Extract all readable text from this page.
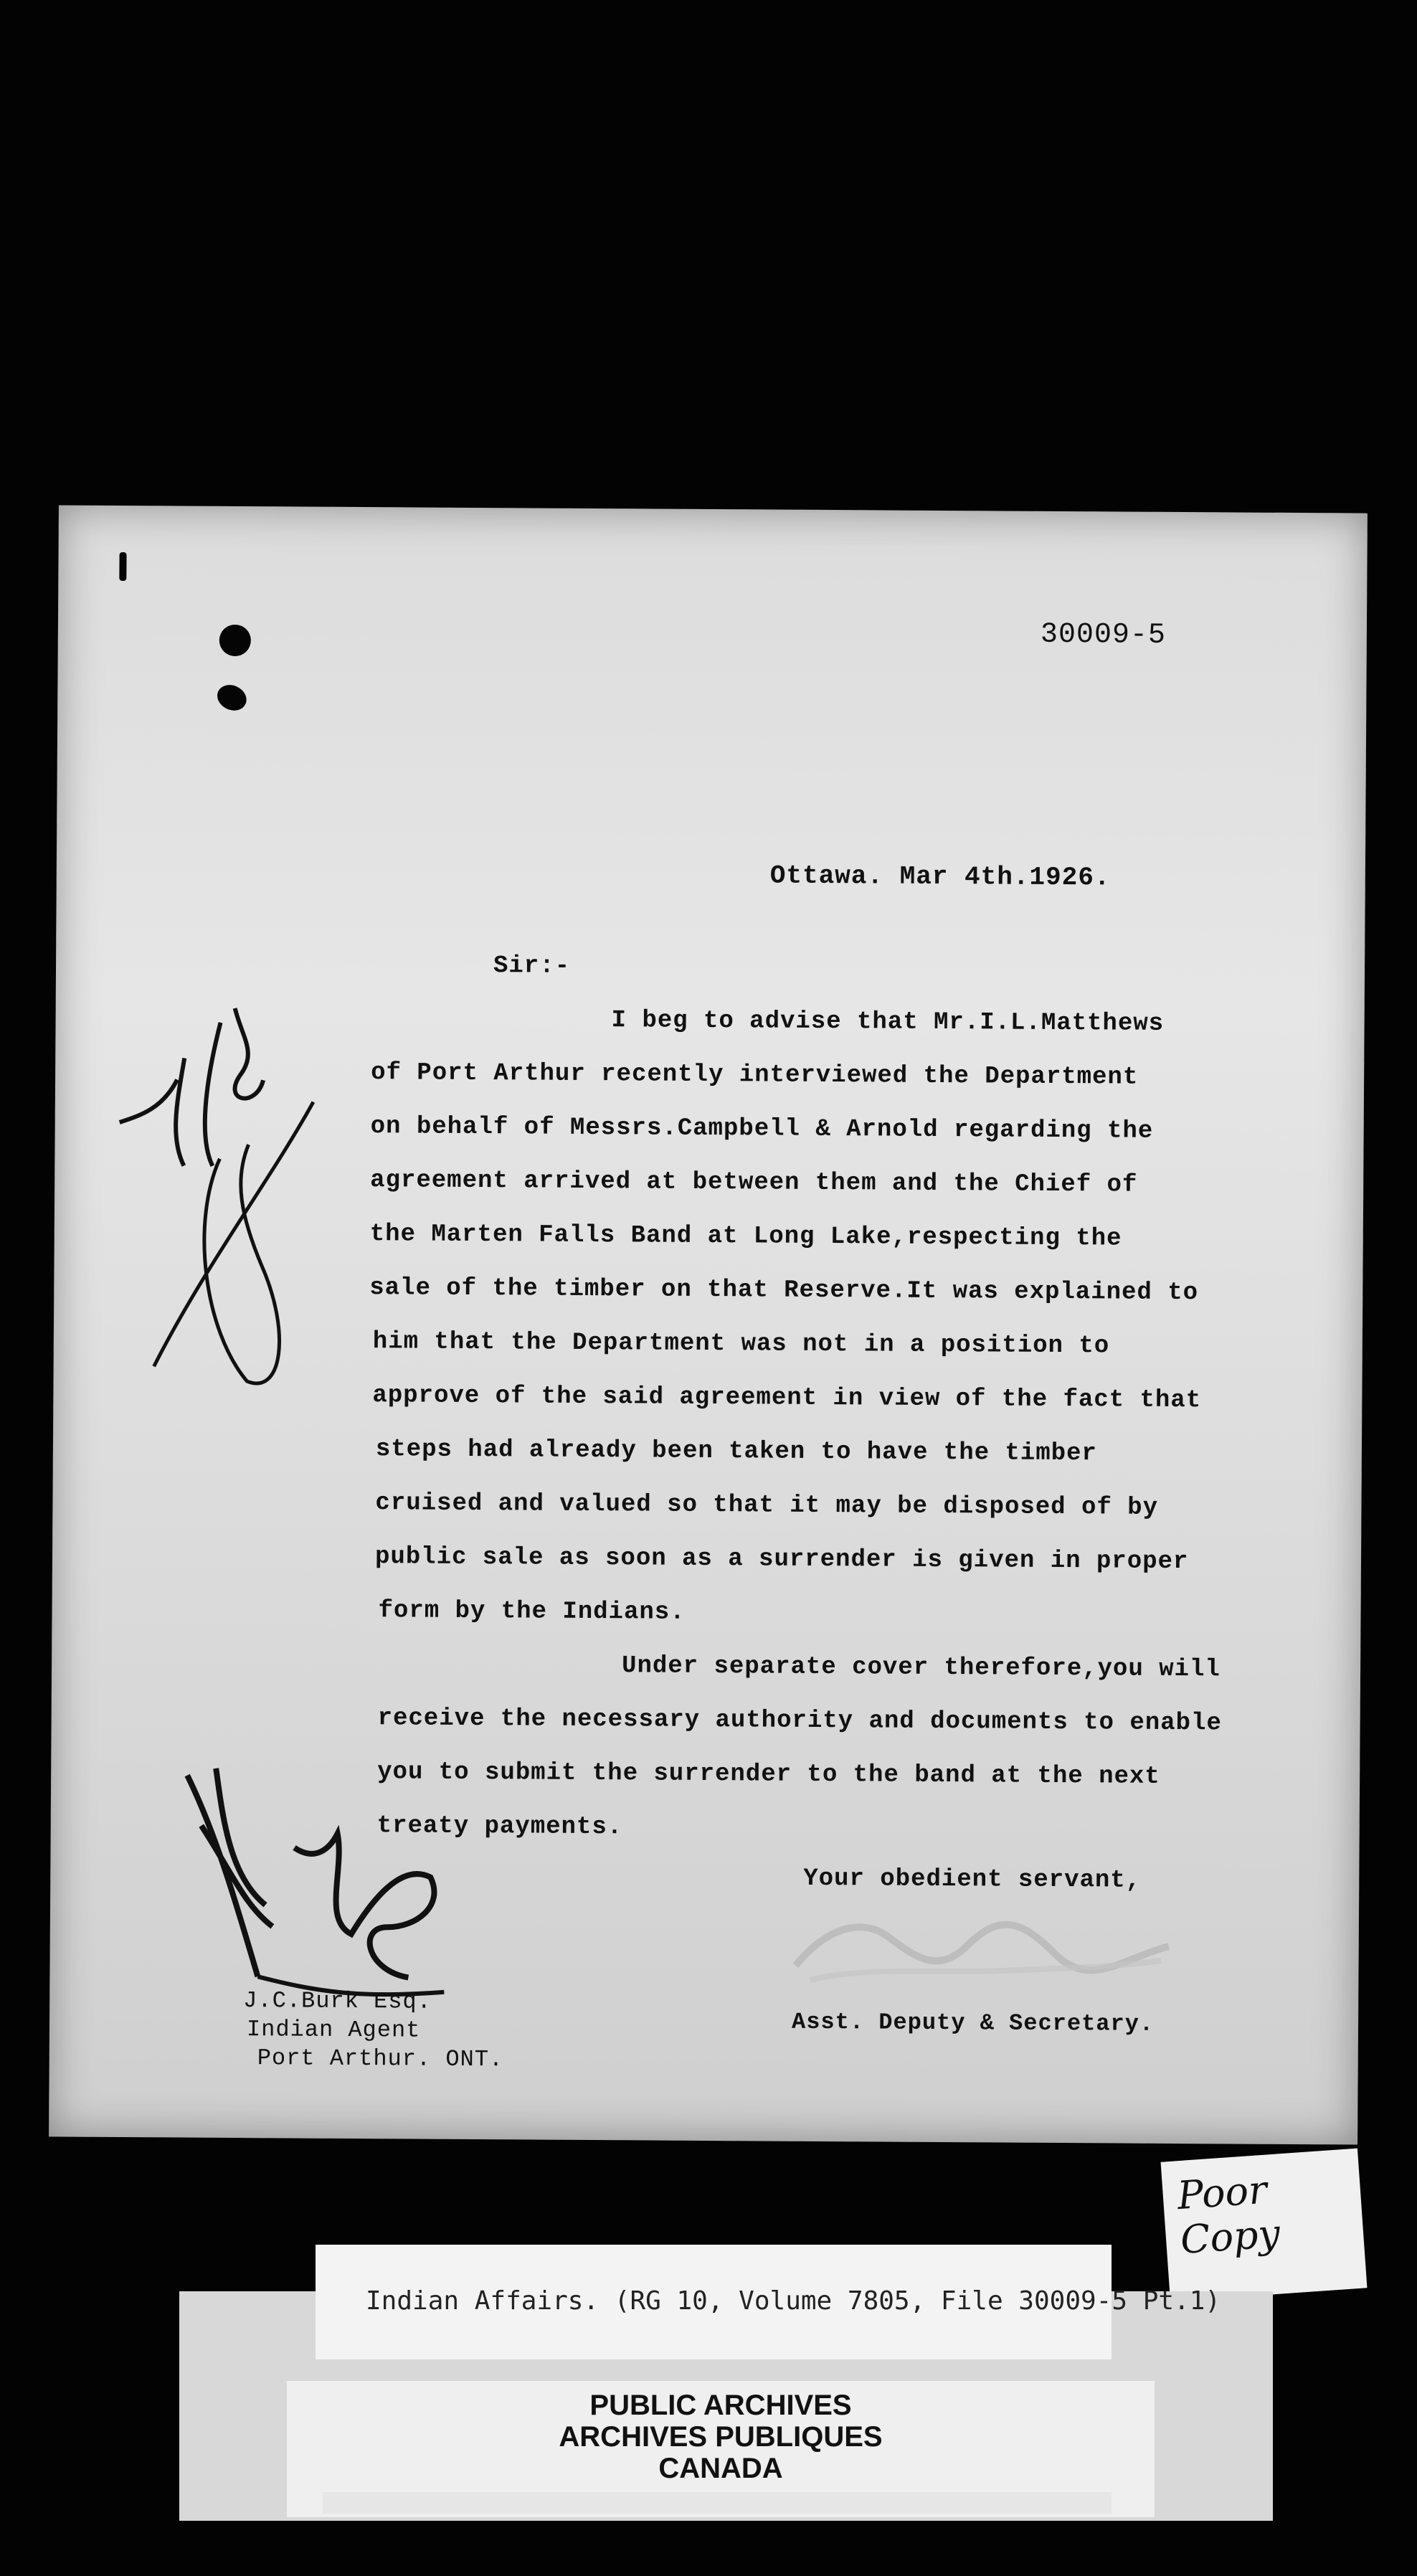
30009-5
Ottawa. Mar 4th.1926.
Sir:-
I beg to advise that Mr.I.L.Matthews
of Port Arthur recently interviewed the Department
on behalf of Messrs.Campbell & Arnold regarding the
agreement arrived at between them and the Chief of
the Marten Falls Band at Long Lake,respecting the
sale of the timber on that Reserve.It was explained to
him that the Department was not in a position to
approve of the said agreement in view of the fact that
steps had already been taken to have the timber
cruised and valued so that it may be disposed of by
public sale as soon as a surrender is given in proper
form by the Indians.
Under separate cover therefore,you will
receive the necessary authority and documents to enable
you to submit the surrender to the band at the next
treaty payments.
Your obedient servant,
Asst. Deputy & Secretary.
J.C.Burk Esq.
Indian Agent
Port Arthur. ONT.
Poor Copy
Indian Affairs. (RG 10, Volume 7805, File 30009-5 Pt.1)
PUBLIC ARCHIVES
ARCHIVES PUBLIQUES
CANADA
